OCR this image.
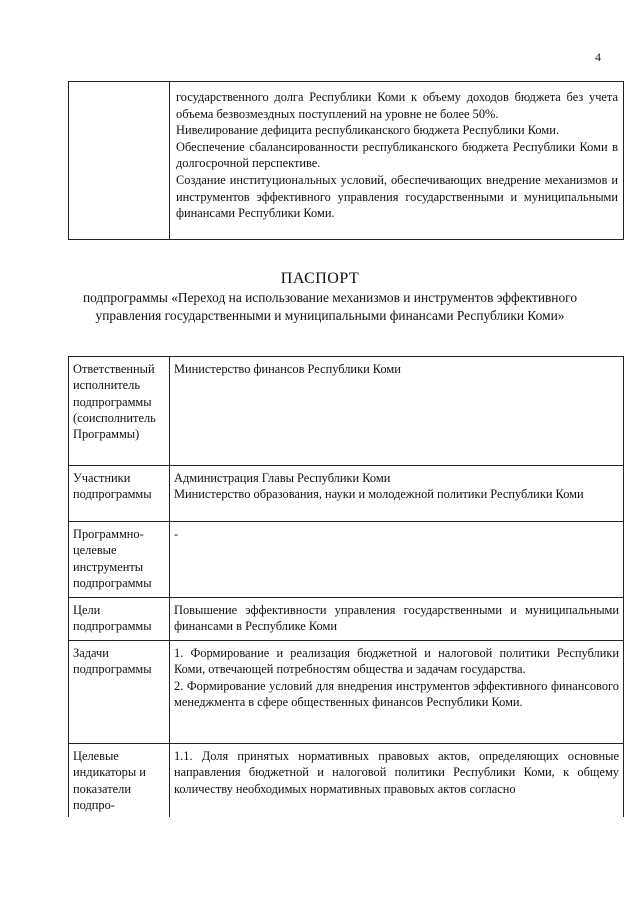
4

государственного долга Республики Коми к объему доходов бюджета без учета объема безвозмездных поступлений на уровне не более 50%.

Нивелирование дефицита республиканского бюджета Республики Коми.

Обеспечение сбалансированности республиканского бюджета Республики Коми в долгосрочной перспективе.

Создание институциональных условий, обеспечивающих внедрение механизмов и инструментов эффективного управления государственными и муниципальными финансами Республики Коми.

ПАСПОРТ
подпрограммы «Переход на использование механизмов и инструментов эффективного управления государственными и муниципальными финансами Республики Коми»
Ответственный исполнитель подпрограммы (соисполнитель Программы)	Министерство финансов Республики Коми

Участники подпрограммы	Администрация Главы Республики Коми

Министерство образования, науки и молодежной политики Республики Коми

Программно-целевые инструменты подпрограммы	-

Цели подпрограммы	Повышение эффективности управления государственными и муниципальными финансами в Республике Коми

Задачи подпрограммы	1. Формирование и реализация бюджетной и налоговой политики Республики Коми, отвечающей потребностям общества и задачам государства.

2. Формирование условий для внедрения инструментов эффективного финансового менеджмента в сфере общественных финансов Республики Коми.

Целевые индикаторы и показатели подпро-	1.1. Доля принятых нормативных правовых актов, определяющих основные направления бюджетной и налоговой политики Республики Коми, к общему количеству необходимых нормативных правовых актов согласно
